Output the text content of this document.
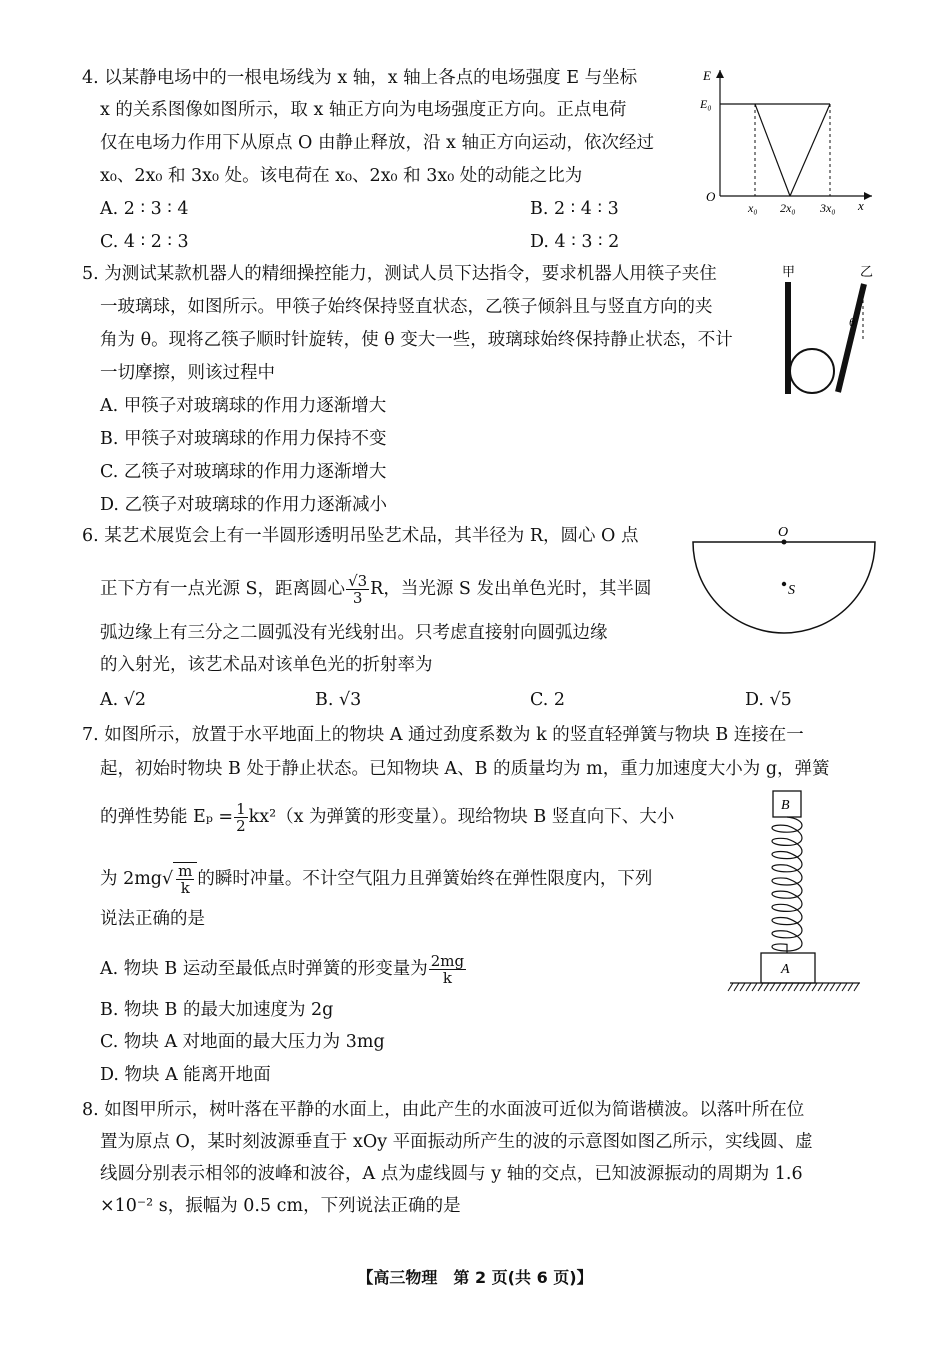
4. 以某静电场中的一根电场线为 x 轴，x 轴上各点的电场强度 E 与坐标
x 的关系图像如图所示，取 x 轴正方向为电场强度正方向。正点电荷
仅在电场力作用下从原点 O 由静止释放，沿 x 轴正方向运动，依次经过
x₀、2x₀ 和 3x₀ 处。该电荷在 x₀、2x₀ 和 3x₀ 处的动能之比为
A. 2 ∶ 3 ∶ 4	B. 2 ∶ 4 ∶ 3
C. 4 ∶ 2 ∶ 3	D. 4 ∶ 3 ∶ 2
E
E₀
O
x₀ 2x₀ 3x₀ x
5. 为测试某款机器人的精细操控能力，测试人员下达指令，要求机器人用筷子夹住
一玻璃球，如图所示。甲筷子始终保持竖直状态，乙筷子倾斜且与竖直方向的夹
角为 θ。现将乙筷子顺时针旋转，使 θ 变大一些，玻璃球始终保持静止状态，不计
一切摩擦，则该过程中
A. 甲筷子对玻璃球的作用力逐渐增大
B. 甲筷子对玻璃球的作用力保持不变
C. 乙筷子对玻璃球的作用力逐渐增大
D. 乙筷子对玻璃球的作用力逐渐减小
甲	乙
θ
6. 某艺术展览会上有一半圆形透明吊坠艺术品，其半径为 R，圆心 O 点
正下方有一点光源 S，距离圆心 $\frac{√3}{3}$ R，当光源 S 发出单色光时，其半圆
弧边缘上有三分之二圆弧没有光线射出。只考虑直接射向圆弧边缘
的入射光，该艺术品对该单色光的折射率为
A. √2	B. √3	C. 2	D. √5
O
S
7. 如图所示，放置于水平地面上的物块 A 通过劲度系数为 k 的竖直轻弹簧与物块 B 连接在一
起，初始时物块 B 处于静止状态。已知物块 A、B 的质量均为 m，重力加速度大小为 g，弹簧
的弹性势能 $E_p = \frac{1}{2} kx^2(x$ 为弹簧的形变量）。现给物块 B 竖直向下、大小
为 $2mg√ \frac{m}{k}$ 的瞬时冲量。不计空气阻力且弹簧始终在弹性限度内，下列
说法正确的是
A. 物块 B 运动至最低点时弹簧的形变量为 $\frac{2mg}{k}$
B. 物块 B 的最大加速度为 2g
C. 物块 A 对地面的最大压力为 3mg
D. 物块 A 能离开地面
B
A
8. 如图甲所示，树叶落在平静的水面上，由此产生的水面波可近似为简谐横波。以落叶所在位
置为原点 O，某时刻波源垂直于 xOy 平面振动所产生的波的示意图如图乙所示，实线圆、虚
线圆分别表示相邻的波峰和波谷，A 点为虚线圆与 y 轴的交点，已知波源振动的周期为 1.6
×10⁻² s，振幅为 0.5 cm，下列说法正确的是
【高三物理　第 2 页(共 6 页)】
